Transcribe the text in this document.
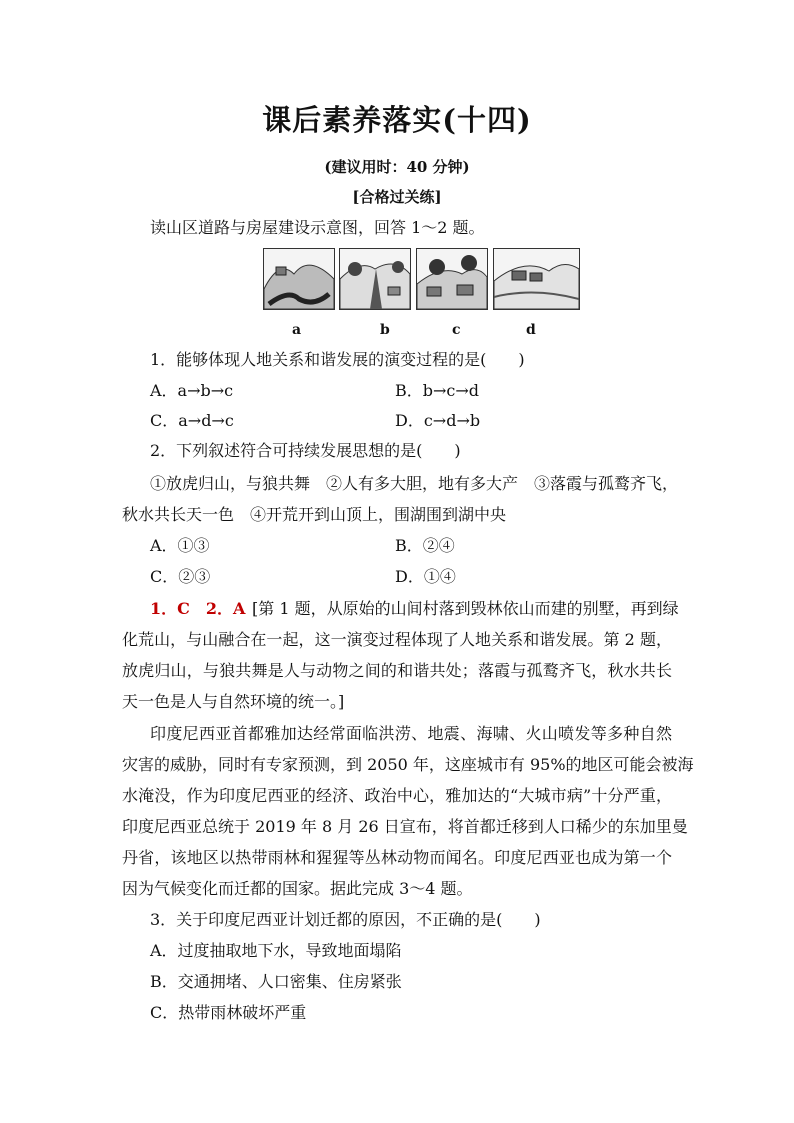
课后素养落实(十四)
(建议用时：40 分钟)
[合格过关练]
读山区道路与房屋建设示意图，回答 1～2 题。
a	b	c	d
1．能够体现人地关系和谐发展的演变过程的是(　　)
A．a→b→c	B．b→c→d
C．a→d→c	D．c→d→b
2．下列叙述符合可持续发展思想的是(　　)
①放虎归山，与狼共舞　②人有多大胆，地有多大产　③落霞与孤鹜齐飞，
秋水共长天一色　④开荒开到山顶上，围湖围到湖中央
A．①③	B．②④
C．②③	D．①④
1．C　2．A [第 1 题，从原始的山间村落到毁林依山而建的别墅，再到绿
化荒山，与山融合在一起，这一演变过程体现了人地关系和谐发展。第 2 题，
放虎归山，与狼共舞是人与动物之间的和谐共处；落霞与孤鹜齐飞，秋水共长
天一色是人与自然环境的统一。]
印度尼西亚首都雅加达经常面临洪涝、地震、海啸、火山喷发等多种自然
灾害的威胁，同时有专家预测，到 2050 年，这座城市有 95%的地区可能会被海
水淹没，作为印度尼西亚的经济、政治中心，雅加达的“大城市病”十分严重，
印度尼西亚总统于 2019 年 8 月 26 日宣布，将首都迁移到人口稀少的东加里曼
丹省，该地区以热带雨林和猩猩等丛林动物而闻名。印度尼西亚也成为第一个
因为气候变化而迁都的国家。据此完成 3～4 题。
3．关于印度尼西亚计划迁都的原因，不正确的是(　　)
A．过度抽取地下水，导致地面塌陷
B．交通拥堵、人口密集、住房紧张
C．热带雨林破坏严重
